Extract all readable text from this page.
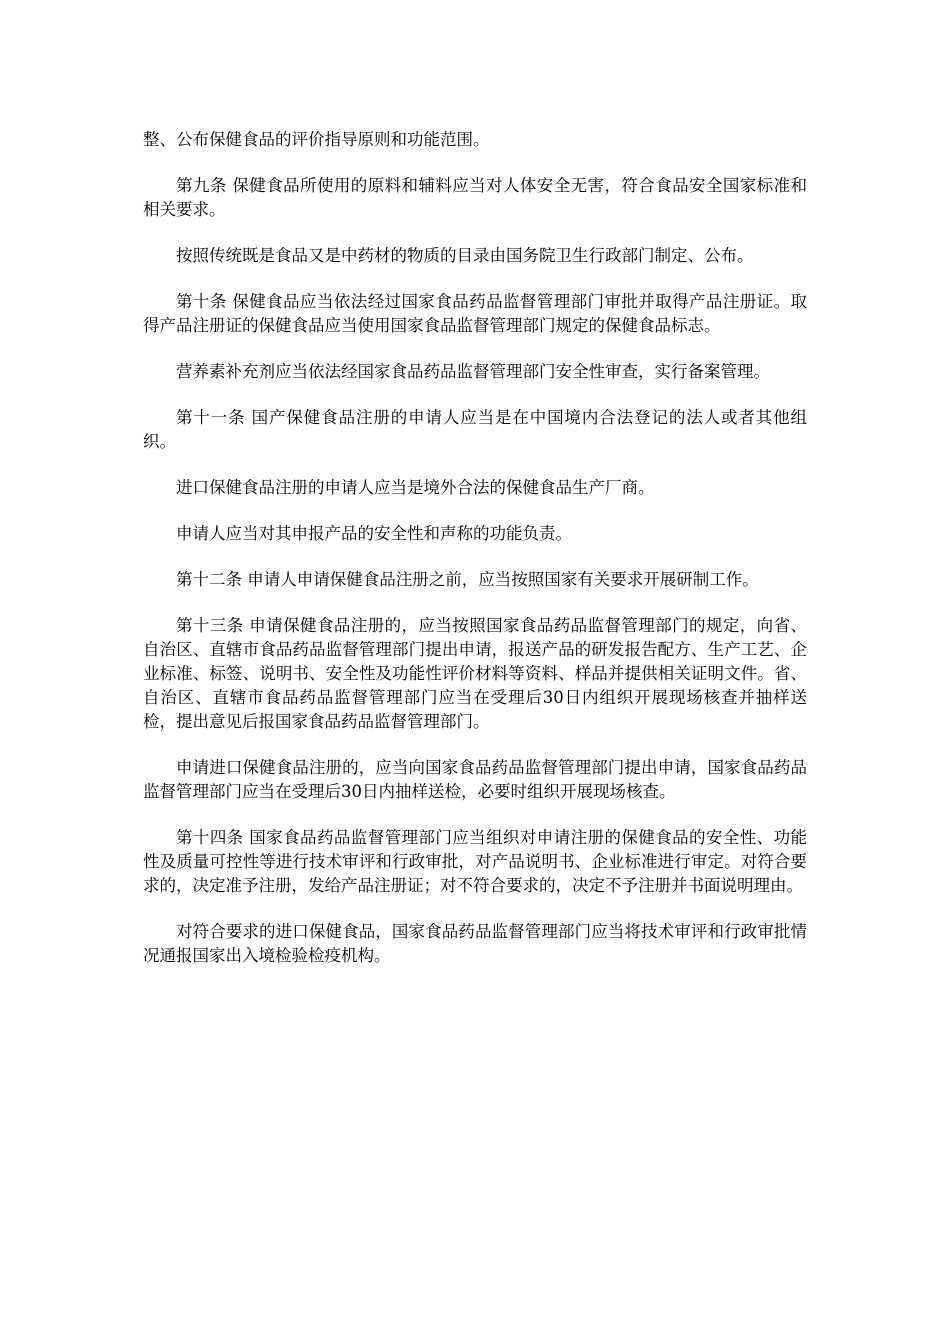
整、公布保健食品的评价指导原则和功能范围。

第九条 保健食品所使用的原料和辅料应当对人体安全无害，符合食品安全国家标准和相关要求。

按照传统既是食品又是中药材的物质的目录由国务院卫生行政部门制定、公布。

第十条 保健食品应当依法经过国家食品药品监督管理部门审批并取得产品注册证。取得产品注册证的保健食品应当使用国家食品监督管理部门规定的保健食品标志。

营养素补充剂应当依法经国家食品药品监督管理部门安全性审查，实行备案管理。

第十一条 国产保健食品注册的申请人应当是在中国境内合法登记的法人或者其他组织。

进口保健食品注册的申请人应当是境外合法的保健食品生产厂商。

申请人应当对其申报产品的安全性和声称的功能负责。

第十二条 申请人申请保健食品注册之前，应当按照国家有关要求开展研制工作。

第十三条 申请保健食品注册的，应当按照国家食品药品监督管理部门的规定，向省、自治区、直辖市食品药品监督管理部门提出申请，报送产品的研发报告配方、生产工艺、企业标准、标签、说明书、安全性及功能性评价材料等资料、样品并提供相关证明文件。省、自治区、直辖市食品药品监督管理部门应当在受理后30日内组织开展现场核查并抽样送检，提出意见后报国家食品药品监督管理部门。

申请进口保健食品注册的，应当向国家食品药品监督管理部门提出申请，国家食品药品监督管理部门应当在受理后30日内抽样送检，必要时组织开展现场核查。

第十四条 国家食品药品监督管理部门应当组织对申请注册的保健食品的安全性、功能性及质量可控性等进行技术审评和行政审批，对产品说明书、企业标准进行审定。对符合要求的，决定准予注册，发给产品注册证；对不符合要求的，决定不予注册并书面说明理由。

对符合要求的进口保健食品，国家食品药品监督管理部门应当将技术审评和行政审批情况通报国家出入境检验检疫机构。
